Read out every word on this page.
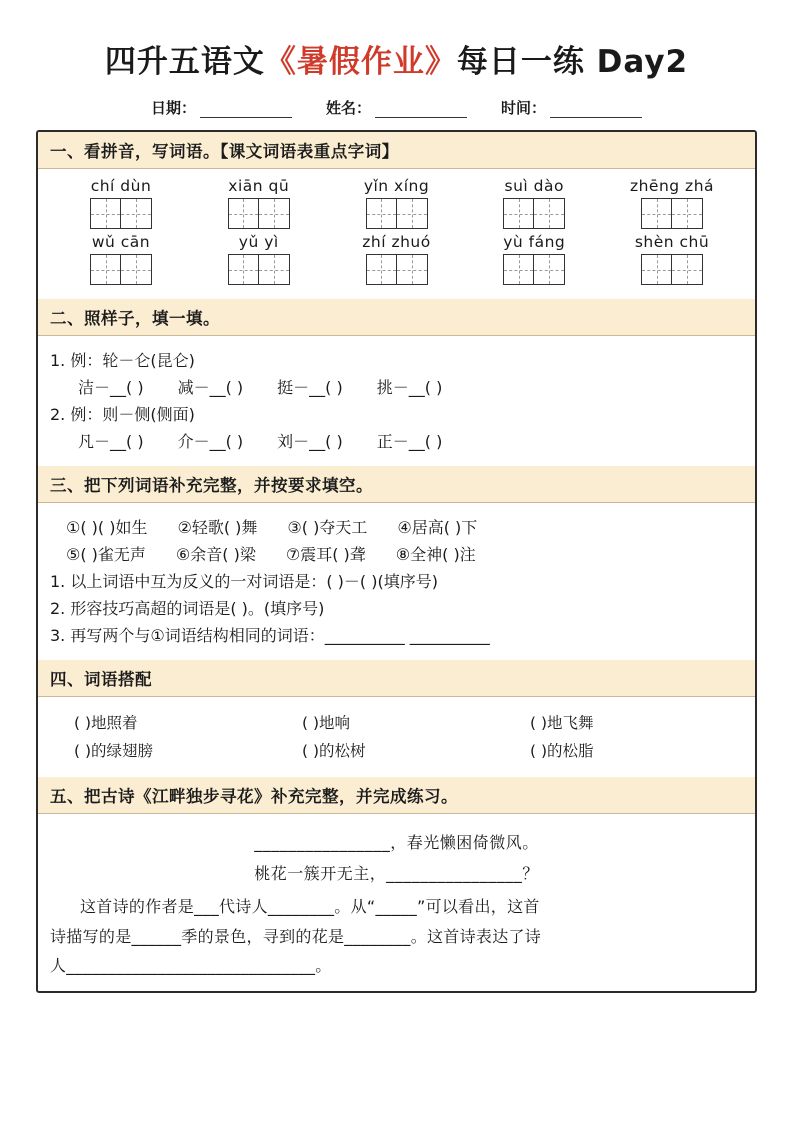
四升五语文《暑假作业》每日一练 Day2
日期：	姓名：	时间：
一、看拼音，写词语。【课文词语表重点字词】
chí dùn	xiān qū	yǐn xíng	suì dào	zhēng zhá
wǔ cān	yǔ yì	zhí zhuó	yù fáng	shèn chū
二、照样子，填一填。
1. 例：轮－仑(昆仑)
洁－__( ) 减－__( ) 挺－__( ) 挑－__( )
2. 例：则－侧(侧面)
凡－__( ) 介－__( ) 刘－__( ) 正－__( )
三、把下列词语补充完整，并按要求填空。
①( )( )如生 ②轻歌( )舞 ③( )夺天工 ④居高( )下
⑤( )雀无声 ⑥余音( )梁 ⑦震耳( )聋 ⑧全神( )注
1. 以上词语中互为反义的一对词语是：( )－( )(填序号)
2. 形容技巧高超的词语是( )。(填序号)
3. 再写两个与①词语结构相同的词语：__________ __________
四、词语搭配
( )地照着	( )地响	( )地飞舞
( )的绿翅膀	( )的松树	( )的松脂
五、把古诗《江畔独步寻花》补充完整，并完成练习。
________________，春光懒困倚微风。
桃花一簇开无主，________________？
这首诗的作者是___代诗人________。从“_____”可以看出，这首
诗描写的是______季的景色，寻到的花是________。这首诗表达了诗
人______________________________。
